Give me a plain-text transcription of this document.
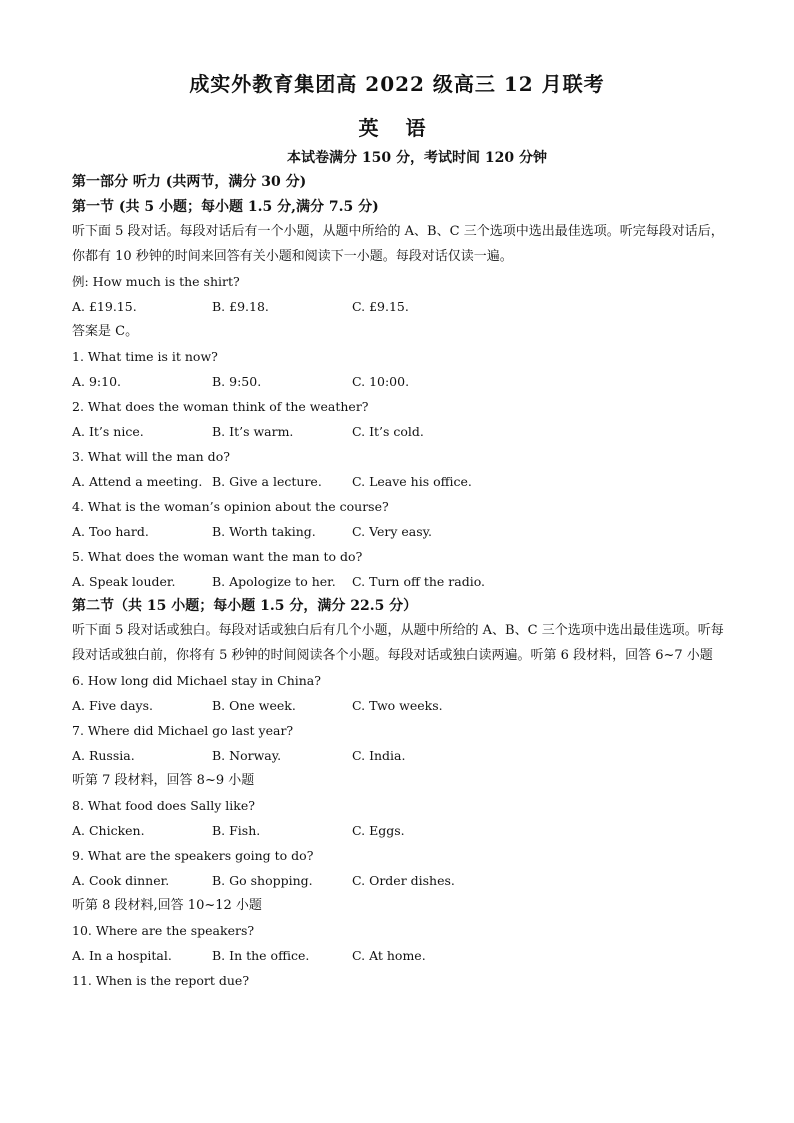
成实外教育集团高 2022 级高三 12 月联考
英 语
本试卷满分 150 分，考试时间 120 分钟
第一部分 听力 (共两节，满分 30 分)
第一节 (共 5 小题；每小题 1.5 分,满分 7.5 分)
听下面 5 段对话。每段对话后有一个小题，从题中所给的 A、B、C 三个选项中选出最佳选项。听完每段对话后，你都有 10 秒钟的时间来回答有关小题和阅读下一小题。每段对话仅读一遍。
例: How much is the shirt?
A. £19.15.	B. £9.18.	C. £9.15.
答案是 C。
1. What time is it now?
A. 9:10.	B. 9:50.	C. 10:00.
2. What does the woman think of the weather?
A. It’s nice.	B. It’s warm.	C. It’s cold.
3. What will the man do?
A. Attend a meeting. B. Give a lecture. C. Leave his office.
4. What is the woman’s opinion about the course?
A. Too hard.	B. Worth taking.	C. Very easy.
5. What does the woman want the man to do?
A. Speak louder.	B. Apologize to her. C. Turn off the radio.
第二节（共 15 小题；每小题 1.5 分，满分 22.5 分）
听下面 5 段对话或独白。每段对话或独白后有几个小题，从题中所给的 A、B、C 三个选项中选出最佳选项。听每段对话或独白前，你将有 5 秒钟的时间阅读各个小题。每段对话或独白读两遍。听第 6 段材料，回答 6~7 小题
6. How long did Michael stay in China?
A. Five days.	B. One week.	C. Two weeks.
7. Where did Michael go last year?
A. Russia.	B. Norway.	C. India.
听第 7 段材料，回答 8~9 小题
8. What food does Sally like?
A. Chicken.	B. Fish.	C. Eggs.
9. What are the speakers going to do?
A. Cook dinner.	B. Go shopping.	C. Order dishes.
听第 8 段材料,回答 10~12 小题
10. Where are the speakers?
A. In a hospital.	B. In the office.	C. At home.
11. When is the report due?
